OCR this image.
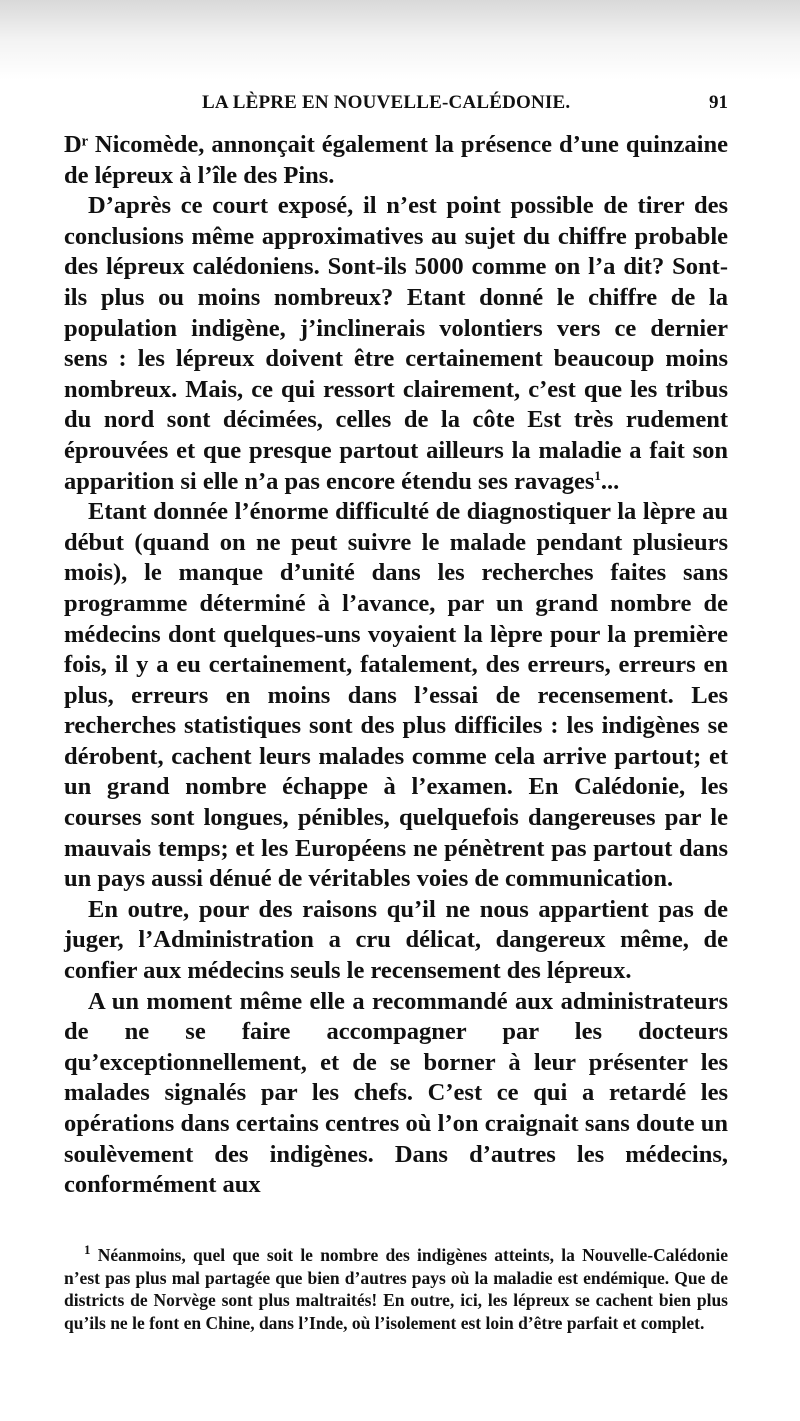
LA LÈPRE EN NOUVELLE-CALÉDONIE.	91

Dʳ Nicomède, annonçait également la présence d’une quinzaine de lépreux à l’île des Pins.

D’après ce court exposé, il n’est point possible de tirer des conclusions même approximatives au sujet du chiffre probable des lépreux calédoniens. Sont-ils 5000 comme on l’a dit? Sont-ils plus ou moins nombreux? Etant donné le chiffre de la population indigène, j’inclinerais volontiers vers ce dernier sens : les lépreux doivent être certainement beaucoup moins nombreux. Mais, ce qui ressort clairement, c’est que les tribus du nord sont décimées, celles de la côte Est très rudement éprouvées et que presque partout ailleurs la maladie a fait son apparition si elle n’a pas encore étendu ses ravages$^1$...

Etant donnée l’énorme difficulté de diagnostiquer la lèpre au début (quand on ne peut suivre le malade pendant plusieurs mois), le manque d’unité dans les recherches faites sans programme déterminé à l’avance, par un grand nombre de médecins dont quelques-uns voyaient la lèpre pour la première fois, il y a eu certainement, fatalement, des erreurs, erreurs en plus, erreurs en moins dans l’essai de recensement. Les recherches statistiques sont des plus difficiles : les indigènes se dérobent, cachent leurs malades comme cela arrive partout; et un grand nombre échappe à l’examen. En Calédonie, les courses sont longues, pénibles, quelquefois dangereuses par le mauvais temps; et les Européens ne pénètrent pas partout dans un pays aussi dénué de véritables voies de communication.

En outre, pour des raisons qu’il ne nous appartient pas de juger, l’Administration a cru délicat, dangereux même, de confier aux médecins seuls le recensement des lépreux.

A un moment même elle a recommandé aux administrateurs de ne se faire accompagner par les docteurs qu’exceptionnellement, et de se borner à leur présenter les malades signalés par les chefs. C’est ce qui a retardé les opérations dans certains centres où l’on craignait sans doute un soulèvement des indigènes. Dans d’autres les médecins, conformément aux

$^1$ Néanmoins, quel que soit le nombre des indigènes atteints, la Nouvelle-Calédonie n’est pas plus mal partagée que bien d’autres pays où la maladie est endémique. Que de districts de Norvège sont plus maltraités! En outre, ici, les lépreux se cachent bien plus qu’ils ne le font en Chine, dans l’Inde, où l’isolement est loin d’être parfait et complet.
